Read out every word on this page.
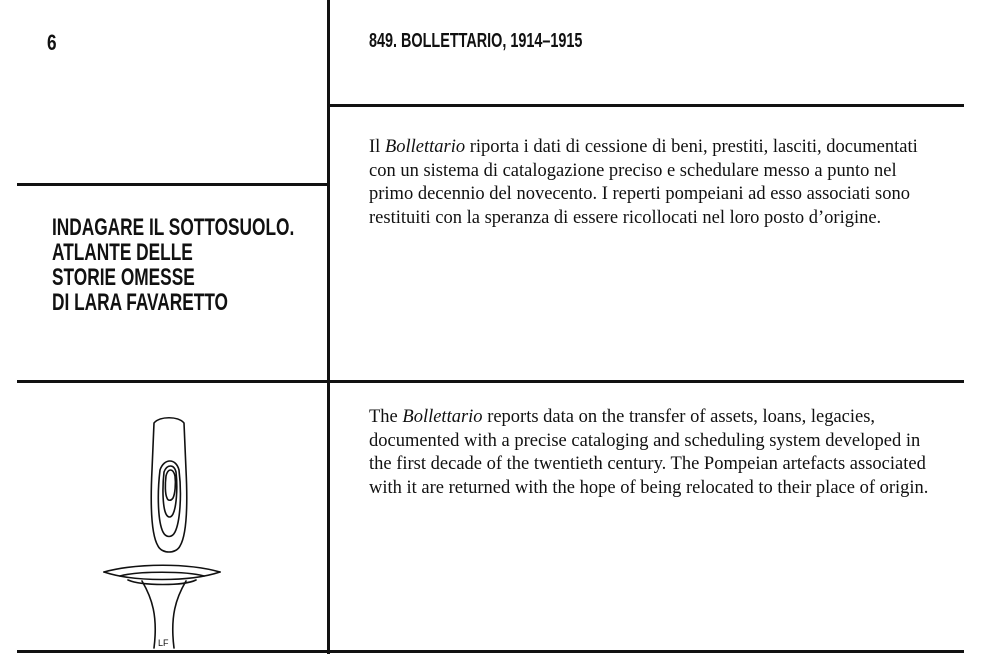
6	849. BOLLETTARIO, 1914–1915
INDAGARE IL SOTTOSUOLO.
ATLANTE DELLE
STORIE OMESSE
DI LARA FAVARETTO
Il Bollettario riporta i dati di cessione di beni, prestiti, lasciti, documentati con un sistema di catalogazione preciso e schedulare messo a punto nel primo decennio del novecento. I reperti pompeiani ad esso associati sono restituiti con la speranza di essere ricollocati nel loro posto d’origine.
The Bollettario reports data on the transfer of assets, loans, legacies, documented with a precise cataloging and scheduling system developed in the first decade of the twentieth century. The Pompeian artefacts associated with it are returned with the hope of being relocated to their place of origin.
LF
